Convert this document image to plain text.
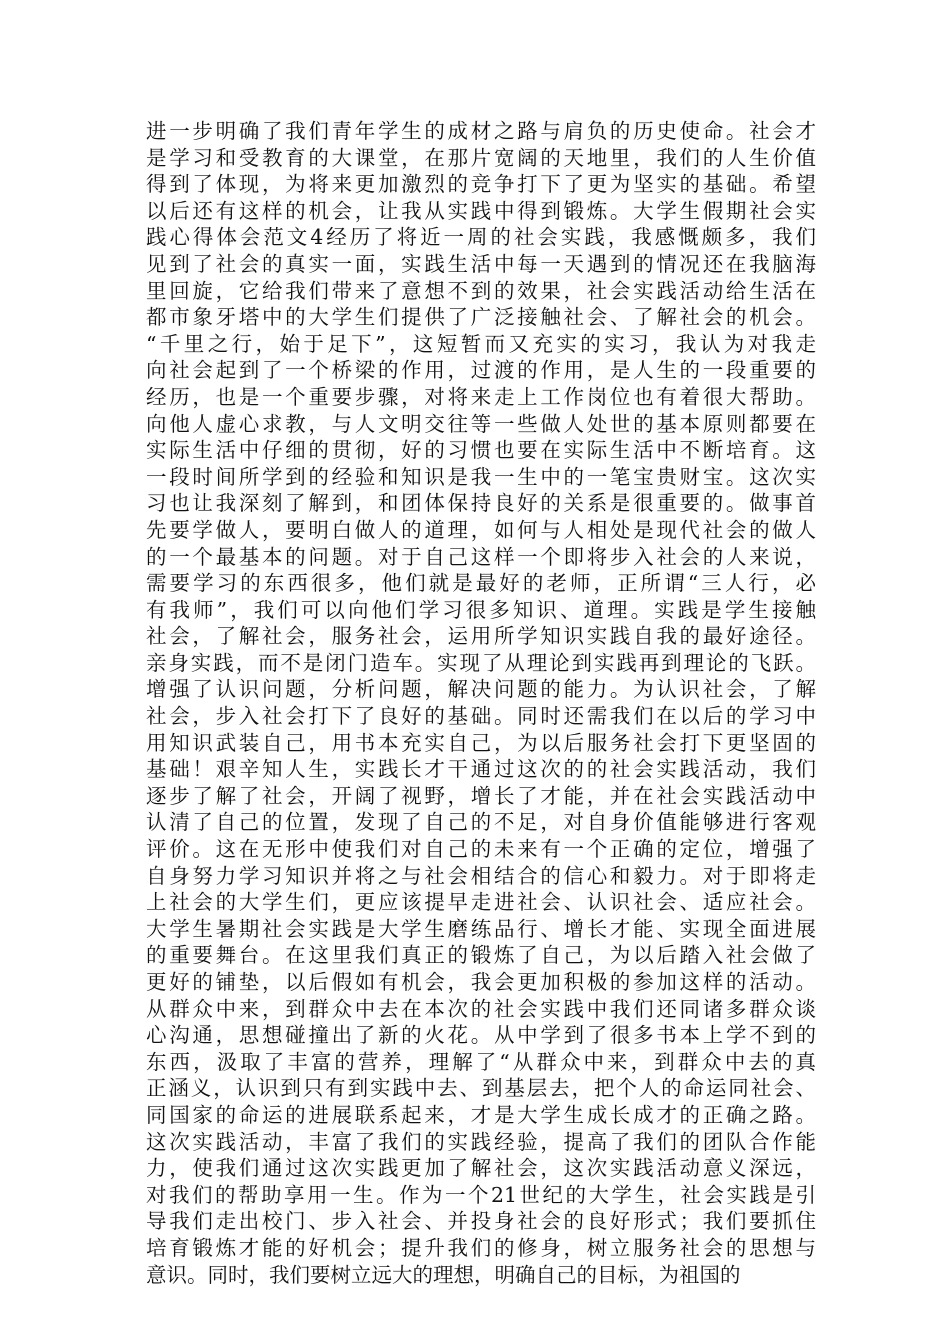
进一步明确了我们青年学生的成材之路与肩负的历史使命。社会才
是学习和受教育的大课堂，在那片宽阔的天地里，我们的人生价值
得到了体现，为将来更加激烈的竞争打下了更为坚实的基础。希望
以后还有这样的机会，让我从实践中得到锻炼。大学生假期社会实
践心得体会范文4经历了将近一周的社会实践，我感慨颇多，我们
见到了社会的真实一面，实践生活中每一天遇到的情况还在我脑海
里回旋，它给我们带来了意想不到的效果，社会实践活动给生活在
都市象牙塔中的大学生们提供了广泛接触社会、了解社会的机会。
“千里之行，始于足下”，这短暂而又充实的实习，我认为对我走
向社会起到了一个桥梁的作用，过渡的作用，是人生的一段重要的
经历，也是一个重要步骤，对将来走上工作岗位也有着很大帮助。
向他人虚心求教，与人文明交往等一些做人处世的基本原则都要在
实际生活中仔细的贯彻，好的习惯也要在实际生活中不断培育。这
一段时间所学到的经验和知识是我一生中的一笔宝贵财宝。这次实
习也让我深刻了解到，和团体保持良好的关系是很重要的。做事首
先要学做人，要明白做人的道理，如何与人相处是现代社会的做人
的一个最基本的问题。对于自己这样一个即将步入社会的人来说，
需要学习的东西很多，他们就是最好的老师，正所谓“三人行，必
有我师”，我们可以向他们学习很多知识、道理。实践是学生接触
社会，了解社会，服务社会，运用所学知识实践自我的最好途径。
亲身实践，而不是闭门造车。实现了从理论到实践再到理论的飞跃。
增强了认识问题，分析问题，解决问题的能力。为认识社会，了解
社会，步入社会打下了良好的基础。同时还需我们在以后的学习中
用知识武装自己，用书本充实自己，为以后服务社会打下更坚固的
基础！艰辛知人生，实践长才干通过这次的的社会实践活动，我们
逐步了解了社会，开阔了视野，增长了才能，并在社会实践活动中
认清了自己的位置，发现了自己的不足，对自身价值能够进行客观
评价。这在无形中使我们对自己的未来有一个正确的定位，增强了
自身努力学习知识并将之与社会相结合的信心和毅力。对于即将走
上社会的大学生们，更应该提早走进社会、认识社会、适应社会。
大学生暑期社会实践是大学生磨练品行、增长才能、实现全面进展
的重要舞台。在这里我们真正的锻炼了自己，为以后踏入社会做了
更好的铺垫，以后假如有机会，我会更加积极的参加这样的活动。
从群众中来，到群众中去在本次的社会实践中我们还同诸多群众谈
心沟通，思想碰撞出了新的火花。从中学到了很多书本上学不到的
东西，汲取了丰富的营养，理解了“从群众中来，到群众中去的真
正涵义，认识到只有到实践中去、到基层去，把个人的命运同社会、
同国家的命运的进展联系起来，才是大学生成长成才的正确之路。
这次实践活动，丰富了我们的实践经验，提高了我们的团队合作能
力，使我们通过这次实践更加了解社会，这次实践活动意义深远，
对我们的帮助享用一生。作为一个21世纪的大学生，社会实践是引
导我们走出校门、步入社会、并投身社会的良好形式；我们要抓住
培育锻炼才能的好机会；提升我们的修身，树立服务社会的思想与
意识。同时，我们要树立远大的理想，明确自己的目标，为祖国的
